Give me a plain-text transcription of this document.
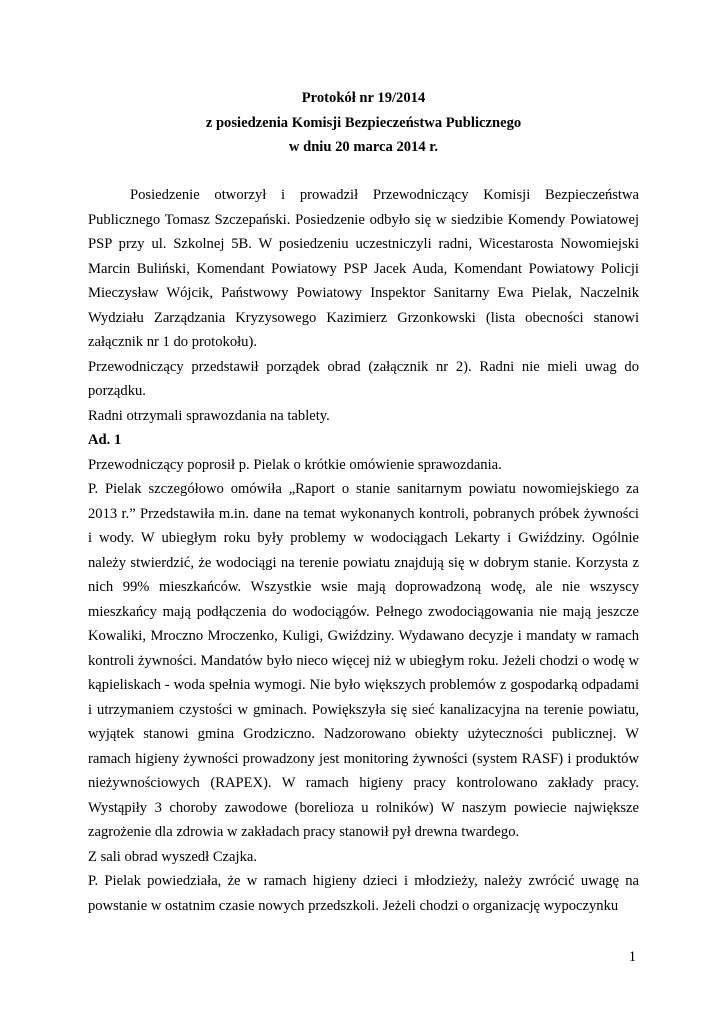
Protokół nr 19/2014
z posiedzenia Komisji Bezpieczeństwa Publicznego
w dniu 20 marca 2014 r.

Posiedzenie otworzył i prowadził Przewodniczący Komisji Bezpieczeństwa Publicznego Tomasz Szczepański. Posiedzenie odbyło się w siedzibie Komendy Powiatowej PSP przy ul. Szkolnej 5B. W posiedzeniu uczestniczyli radni, Wicestarosta Nowomiejski Marcin Buliński, Komendant Powiatowy PSP Jacek Auda, Komendant Powiatowy Policji Mieczysław Wójcik, Państwowy Powiatowy Inspektor Sanitarny Ewa Pielak, Naczelnik Wydziału Zarządzania Kryzysowego Kazimierz Grzonkowski (lista obecności stanowi załącznik nr 1 do protokołu).

Przewodniczący przedstawił porządek obrad (załącznik nr 2). Radni nie mieli uwag do porządku.

Radni otrzymali sprawozdania na tablety.

Ad. 1

Przewodniczący poprosił p. Pielak o krótkie omówienie sprawozdania.

P. Pielak szczegółowo omówiła „Raport o stanie sanitarnym powiatu nowomiejskiego za 2013 r.” Przedstawiła m.in. dane na temat wykonanych kontroli, pobranych próbek żywności i wody. W ubiegłym roku były problemy w wodociągach Lekarty i Gwiździny. Ogólnie należy stwierdzić, że wodociągi na terenie powiatu znajdują się w dobrym stanie. Korzysta z nich 99% mieszkańców. Wszystkie wsie mają doprowadzoną wodę, ale nie wszyscy mieszkańcy mają podłączenia do wodociągów. Pełnego zwodociągowania nie mają jeszcze Kowaliki, Mroczno Mroczenko, Kuligi, Gwiździny. Wydawano decyzje i mandaty w ramach kontroli żywności. Mandatów było nieco więcej niż w ubiegłym roku. Jeżeli chodzi o wodę w kąpieliskach - woda spełnia wymogi. Nie było większych problemów z gospodarką odpadami i utrzymaniem czystości w gminach. Powiększyła się sieć kanalizacyjna na terenie powiatu, wyjątek stanowi gmina Grodziczno. Nadzorowano obiekty użyteczności publicznej. W ramach higieny żywności prowadzony jest monitoring żywności (system RASF) i produktów nieżywnościowych (RAPEX). W ramach higieny pracy kontrolowano zakłady pracy. Wystąpiły 3 choroby zawodowe (borelioza u rolników) W naszym powiecie największe zagrożenie dla zdrowia w zakładach pracy stanowił pył drewna twardego.

Z sali obrad wyszedł Czajka.

P. Pielak powiedziała, że w ramach higieny dzieci i młodzieży, należy zwrócić uwagę na powstanie w ostatnim czasie nowych przedszkoli. Jeżeli chodzi o organizację wypoczynku

1
